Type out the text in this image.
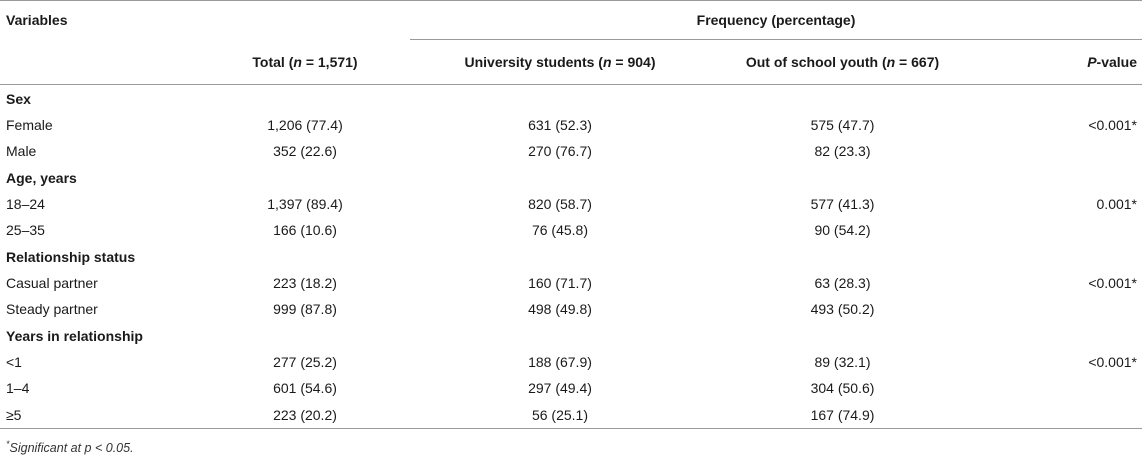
Variables		Frequency (percentage)		
	Total (n = 1,571)	University students (n = 904)	Out of school youth (n = 667)	P-value
Sex				
Female	1,206 (77.4)	631 (52.3)	575 (47.7)	<0.001*
Male	352 (22.6)	270 (76.7)	82 (23.3)	
Age, years				
18–24	1,397 (89.4)	820 (58.7)	577 (41.3)	0.001*
25–35	166 (10.6)	76 (45.8)	90 (54.2)	
Relationship status				
Casual partner	223 (18.2)	160 (71.7)	63 (28.3)	<0.001*
Steady partner	999 (87.8)	498 (49.8)	493 (50.2)	
Years in relationship				
<1	277 (25.2)	188 (67.9)	89 (32.1)	<0.001*
1–4	601 (54.6)	297 (49.4)	304 (50.6)	
≥5	223 (20.2)	56 (25.1)	167 (74.9)	
*Significant at p < 0.05.
